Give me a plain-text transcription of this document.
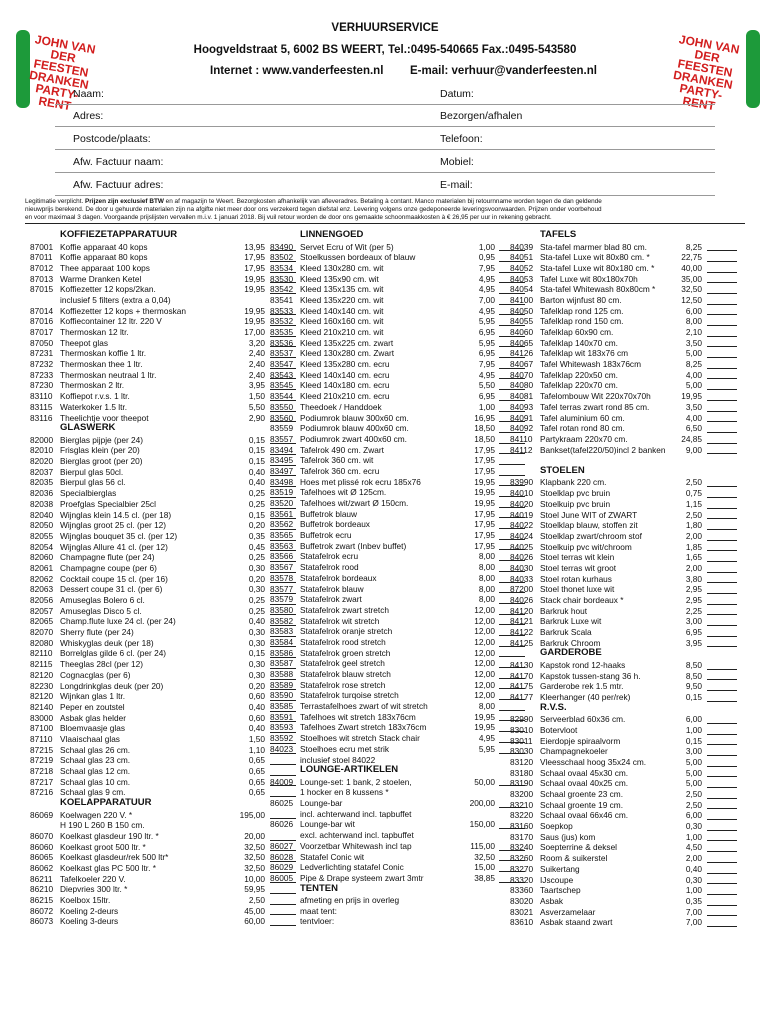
JOHN VAN DER FEESTEN DRANKEN PARTY-RENT
JOHN VAN DER FEESTEN DRANKEN PARTY-RENT
VERHUURSERVICE
Hoogveldstraat 5, 6002 BS WEERT, Tel.:0495-540665 Fax.:0495-543580
Internet : www.vanderfeesten.nl E-mail: verhuur@vanderfeesten.nl
Naam:	Datum:
Adres:	Bezorgen/afhalen
Postcode/plaats:	Telefoon:
Afw. Factuur naam:	Mobiel:
Afw. Factuur adres:	E-mail:
Legitimatie verplicht. Prijzen zijn exclusief BTW en af magazijn te Weert. Bezorgkosten afhankelijk van afleveradres. Betaling à contant. Manco materialen bij retournname worden tegen de dan geldende
nieuwprijs berekend. De door u gehuurde materialen zijn na afgifte niet meer door ons verzekerd tegen diefstal enz. Levering volgens onze gedeponeerde leveringsvoorwaarden. Prijzen onder voorbehoud
en voor maximaal 3 dagen. Voorgaande prijslijsten vervallen m.i.v. 1 januari 2018. Bij vuil retour worden de door ons gemaakte schoonmaakkosten à € 26,95 per uur in rekening gebracht.
KOFFIEZETAPPARATUUR
87001 Koffie apparaat 40 kops	13,95
87011 Koffie apparaat 80 kops	17,95
87012 Thee apparaat 100 kops	17,95
87013 Warme Dranken Ketel	19,95
87015 Koffiezetter 12 kops/2kan.	19,95
inclusief 5 filters (extra a 0,04)
87014 Koffiezetter 12 kops + thermoskan	19,95
87016 Koffiecontainer 12 ltr. 220 V	19,95
87017 Thermoskan 12 ltr.	17,00
87050 Theepot glas	3,20
87231 Thermoskan koffie 1 ltr.	2,40
87232 Thermoskan thee 1 ltr.	2,40
87233 Thermoskan neutraal 1 ltr.	2,40
87230 Thermoskan 2 ltr.	3,95
83110 Koffiepot r.v.s. 1 ltr.	1,50
83115 Waterkoker 1.5 ltr.	5,50
83116 Theelichtje voor theepot	2,90
GLASWERK
82000 Bierglas pijpje (per 24)	0,15
82010 Frisglas klein (per 20)	0,15
82020 Bierglas groot (per 20)	0,15
82037 Bierpul glas 50cl.	0,40
82035 Bierpul glas 56 cl.	0,40
82036 Specialbierglas	0,25
82038 Proefglas Specialbier 25cl	0,25
82040 Wijnglas klein 14.5 cl. (per 18)	0,15
82050 Wijnglas groot 25 cl. (per 12)	0,20
82055 Wijnglas bouquet 35 cl. (per 12)	0,35
82054 Wijnglas Allure 41 cl. (per 12)	0,45
82060 Champagne flute (per 24)	0,25
82061 Champagne coupe (per 6)	0,30
82062 Cocktail coupe 15 cl. (per 16)	0,20
82063 Dessert coupe 31 cl. (per 6)	0,30
82056 Amuseglas Bolero 6 cl.	0,25
82057 Amuseglas Disco 5 cl.	0,25
82065 Champ.flute luxe 24 cl. (per 24)	0,40
82070 Sherry flute (per 24)	0,30
82080 Whiskyglas deuk (per 18)	0,30
82110 Borrelglas gilde 6 cl. (per 24)	0,15
82115 Theeglas 28cl (per 12)	0,30
82120 Cognacglas (per 6)	0,30
82230 Longdrinkglas deuk (per 20)	0,20
82120 Wijnkan glas 1 ltr.	0,60
82140 Peper en zoutstel	0,40
83000 Asbak glas helder	0,60
87100 Bloemvaasje glas	0,40
87110 Vlaaischaal glas	1,50
87215 Schaal glas 26 cm.	1,10
87219 Schaal glas 23 cm.	0,65
87218 Schaal glas 12 cm.	0,65
87217 Schaal glas 10 cm.	0,65
87216 Schaal glas 9 cm.	0,65
KOELAPPARATUUR
86069 Koelwagen 220 V. *	195,00
H 190 L 260 B 150 cm.
86070 Koelkast glasdeur 190 ltr. *	20,00
86060 Koelkast groot 500 ltr. *	32,50
86065 Koelkast glasdeur/rek 500 ltr*	32,50
86062 Koelkast glas PC 500 ltr. *	32,50
86211 Tafelkoeler 220 V.	10,00
86210 Diepvries 300 ltr. *	59,95
86215 Koelbox 15ltr.	2,50
86072 Koeling 2-deurs	45,00
86073 Koeling 3-deurs	60,00
LINNENGOED
83490 Servet Ecru of Wit (per 5)	1,00
83502 Stoelkussen bordeaux of blauw	0,95
83534 Kleed 130x280 cm. wit	7,95
83530 Kleed 135x90 cm. wit	4,95
83542 Kleed 135x135 cm. wit	4,95
83541 Kleed 135x220 cm. wit	7,00
83533 Kleed 140x140 cm. wit	4,95
83532 Kleed 160x160 cm. wit	5,95
83535 Kleed 210x210 cm. wit	6,95
83536 Kleed 135x225 cm. zwart	5,95
83537 Kleed 130x280 cm. Zwart	6,95
83547 Kleed 135x280 cm. ecru	7,95
83543 Kleed 140x140 cm. ecru	4,95
83545 Kleed 140x180 cm. ecru	5,50
83544 Kleed 210x210 cm. ecru	6,95
83550 Theedoek / Handdoek	1,00
83560 Podiumrok blauw 300x60 cm.	16,95
83559 Podiumrok blauw 400x60 cm.	18,50
83557 Podiumrok zwart 400x60 cm.	18,50
83494 Tafelrok 490 cm. Zwart	17,95
83495 Tafelrok 360 cm. wit	17,95
83497 Tafelrok 360 cm. ecru	17,95
83498 Hoes met plissé rok ecru 185x76	19,95
83519 Tafelhoes wit Ø 125cm.	19,95
83520 Tafelhoes wit/zwart Ø 150cm.	19,95
83561 Buffetrok blauw	17,95
83562 Buffetrok bordeaux	17,95
83565 Buffetrok ecru	17,95
83563 Buffetrok zwart (Inbev buffet)	17,95
83566 Statafelrok ecru	8,00
83567 Statafelrok rood	8,00
83578 Statafelrok bordeaux	8,00
83577 Statafelrok blauw	8,00
83579 Statafelrok zwart	8,00
83580 Statafelrok zwart stretch	12,00
83582 Statafelrok wit stretch	12,00
83583 Statafelrok oranje stretch	12,00
83584 Statafelrok rood stretch	12,00
83586 Statafelrok groen stretch	12,00
83587 Statafelrok geel stretch	12,00
83588 Statafelrok blauw stretch	12,00
83589 Statafelrok rose stretch	12,00
83590 Statafelrok turqoise stretch	12,00
83585 Terrastafelhoes zwart of wit stretch	8,00
83591 Tafelhoes wit stretch 183x76cm	19,95
83593 Tafelhoes Zwart stretch 183x76cm	19,95
83592 Stoelhoes wit stretch Stack chair	4,95
84023 Stoelhoes ecru met strik	5,95
inclusief stoel 84022
LOUNGE-ARTIKELEN
84009 Lounge-set: 1 bank, 2 stoelen,	50,00
1 hocker en 8 kussens *
86025 Lounge-bar	200,00
incl. achterwand incl. tapbuffet
86026 Lounge-bar wit	150,00
excl. achterwand incl. tapbuffet
86027 Voorzetbar Whitewash incl tap	115,00
86028 Statafel Conic wit	32,50
86029 Ledverlichting statafel Conic	15,00
86005 Pipe & Drape systeem zwart 3mtr	38,85
TENTEN
afmeting en prijs in overleg
maat tent:
tentvloer:
TAFELS
84039 Sta-tafel marmer blad 80 cm.	8,25
84051 Sta-tafel Luxe wit 80x80 cm. *	22,75
84052 Sta-tafel Luxe wit 80x180 cm. *	40,00
84053 Tafel Luxe wit 80x180x70h	35,00
84054 Sta-tafel Whitewash 80x80cm *	32,50
84100 Barton wijnfust 80 cm.	12,50
84050 Tafelklap rond 125 cm.	6,00
84055 Tafelklap rond 150 cm.	8,00
84060 Tafelklap 60x90 cm.	2,10
84065 Tafelklap 140x70 cm.	3,50
84126 Tafelklap wit 183x76 cm	5,00
84067 Tafel Whitewash 183x76cm	8,25
84070 Tafelklap 220x50 cm.	4,00
84080 Tafelklap 220x70 cm.	5,00
84081 Tafelombouw Wit 220x70x70h	19,95
84093 Tafel terras zwart rond 85 cm.	3,50
84091 Tafel aluminium 60 cm.	4,00
84092 Tafel rotan rond 80 cm.	6,50
84110 Partykraam 220x70 cm.	24,85
84112 Bankset(tafel220/50)incl 2 banken	9,00
STOELEN
83990 Klapbank 220 cm.	2,50
84010 Stoelklap pvc bruin	0,75
84020 Stoelkuip pvc bruin	1,15
84019 Stoel June WIT of ZWART	2,50
84022 Stoelklap blauw, stoffen zit	1,80
84024 Stoelklap zwart/chroom stof	2,00
84025 Stoelkuip pvc wit/chroom	1,85
84026 Stoel terras wit klein	1,65
84030 Stoel terras wit groot	2,00
84033 Stoel rotan kurhaus	3,80
87200 Stoel thonet luxe wit	2,95
84026 Stack chair bordeaux *	2,95
84120 Barkruk hout	2,25
84121 Barkruk Luxe wit	3,00
84122 Barkruk Scala	6,95
84125 Barkruk Chroom	3,95
GARDEROBE
84130 Kapstok rond 12-haaks	8,50
84170 Kapstok tussen-stang 36 h.	8,50
84175 Garderobe rek 1.5 mtr.	9,50
84177 Kleerhanger (40 per/rek)	0,15
R.V.S.
82990 Serveerblad 60x36 cm.	6,00
83010 Botervloot	1,00
83011 Eierdopje spiraalvorm	0,15
83030 Champagnekoeler	3,00
83120 Vleesschaal hoog 35x24 cm.	5,00
83180 Schaal ovaal 45x30 cm.	5,00
83190 Schaal ovaal 40x25 cm.	5,00
83200 Schaal groente 23 cm.	2,50
83210 Schaal groente 19 cm.	2,50
83220 Schaal ovaal 66x46 cm.	6,00
83160 Soepkop	0,30
83170 Saus (jus) kom	1,00
83240 Soepterrine & deksel	4,50
83260 Room & suikerstel	2,00
83270 Suikertang	0,40
83320 IJscoupe	0,30
83360 Taartschep	1,00
83020 Asbak	0,35
83021 Asverzamelaar	7,00
83610 Asbak staand zwart	7,00
